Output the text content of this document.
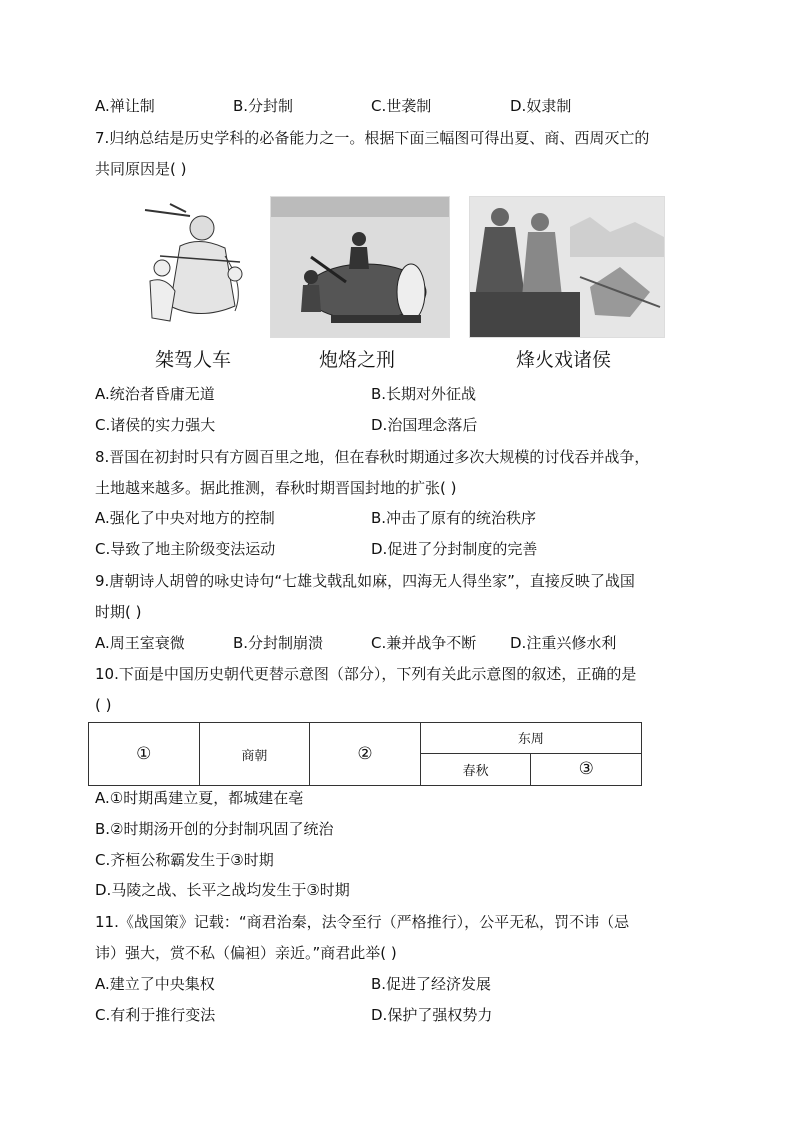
A.禅让制	B.分封制	C.世袭制	D.奴隶制
7.归纳总结是历史学科的必备能力之一。根据下面三幅图可得出夏、商、西周灭亡的
共同原因是( )
桀驾人车	炮烙之刑	烽火戏诸侯
A.统治者昏庸无道	B.长期对外征战
C.诸侯的实力强大	D.治国理念落后
8.晋国在初封时只有方圆百里之地，但在春秋时期通过多次大规模的讨伐吞并战争，
土地越来越多。据此推测，春秋时期晋国封地的扩张( )
A.强化了中央对地方的控制	B.冲击了原有的统治秩序
C.导致了地主阶级变法运动	D.促进了分封制度的完善
9.唐朝诗人胡曾的咏史诗句“七雄戈戟乱如麻，四海无人得坐家”，直接反映了战国
时期( )
A.周王室衰微	B.分封制崩溃	C.兼并战争不断 D.注重兴修水利
10.下面是中国历史朝代更替示意图（部分），下列有关此示意图的叙述，正确的是
( )
①	商朝	②	东周	
			春秋	③
A.①时期禹建立夏，都城建在亳
B.②时期汤开创的分封制巩固了统治
C.齐桓公称霸发生于③时期
D.马陵之战、长平之战均发生于③时期
11.《战国策》记载：“商君治秦，法令至行（严格推行），公平无私，罚不讳（忌
讳）强大，赏不私（偏袒）亲近。”商君此举( )
A.建立了中央集权	B.促进了经济发展
C.有利于推行变法	D.保护了强权势力
